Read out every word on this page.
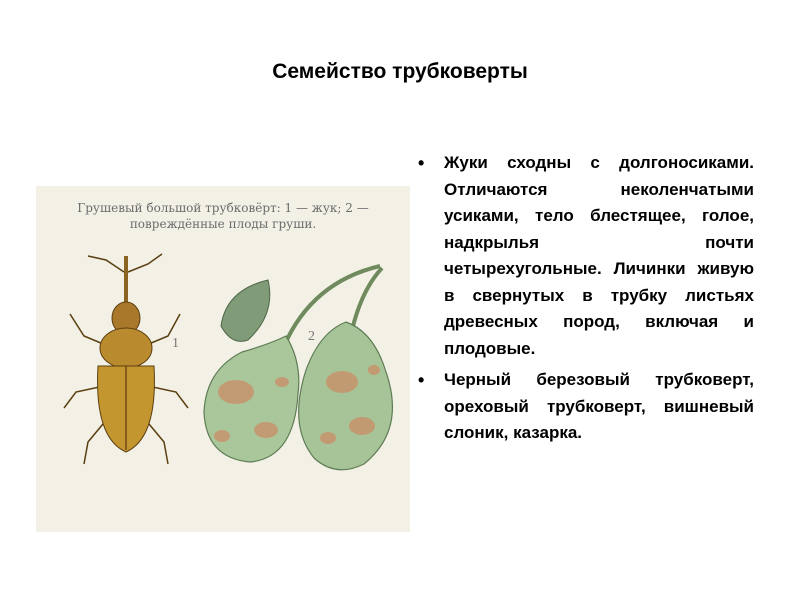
Семейство трубковерты
Грушевый большой трубковёрт: 1 — жук; 2 — повреждённые плоды груши.
1	2
• Жуки сходны с долгоносиками. Отличаются неколенчатыми усиками, тело блестящее, голое, надкрылья почти четырехугольные. Личинки живую в свернутых в трубку листьях древесных пород, включая и плодовые.
• Черный березовый трубковерт, ореховый трубковерт, вишневый слоник, казарка.
